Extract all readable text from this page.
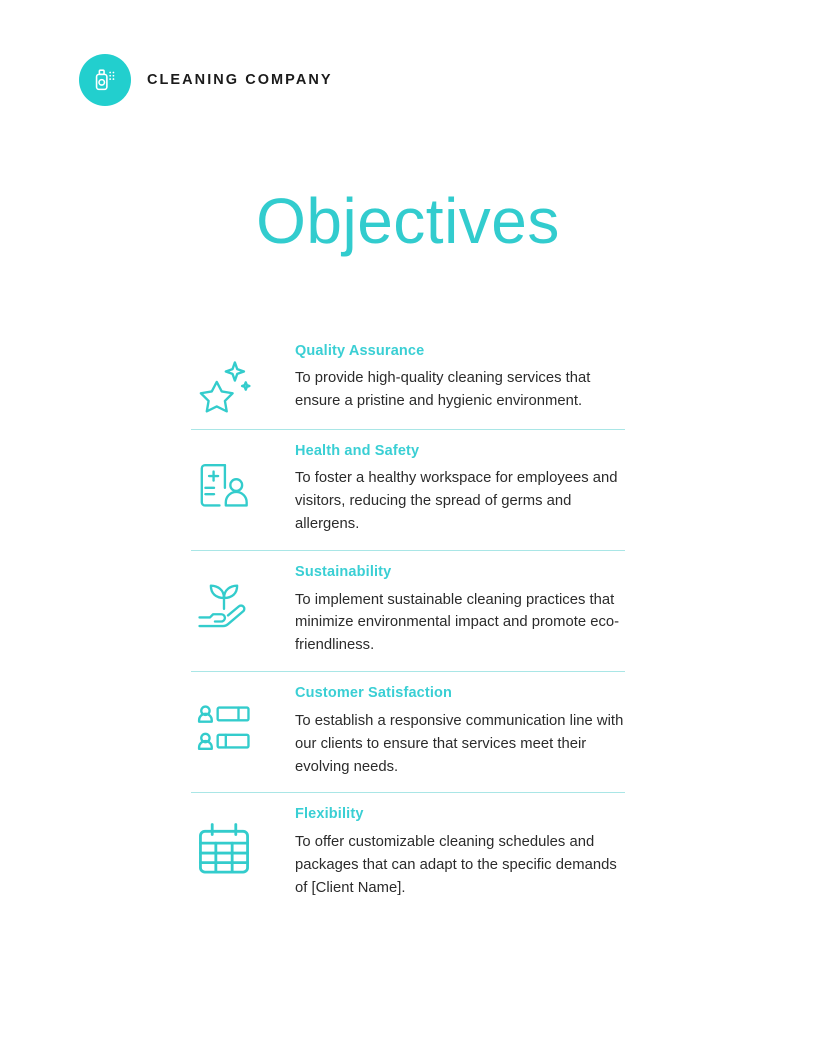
CLEANING COMPANY
Objectives

Quality Assurance

To provide high-quality cleaning services that ensure a pristine and hygienic environment.

Health and Safety

To foster a healthy workspace for employees and visitors, reducing the spread of germs and allergens.

Sustainability

To implement sustainable cleaning practices that minimize environmental impact and promote eco-friendliness.

Customer Satisfaction

To establish a responsive communication line with our clients to ensure that services meet their evolving needs.

Flexibility

To offer customizable cleaning schedules and packages that can adapt to the specific demands of [Client Name].
